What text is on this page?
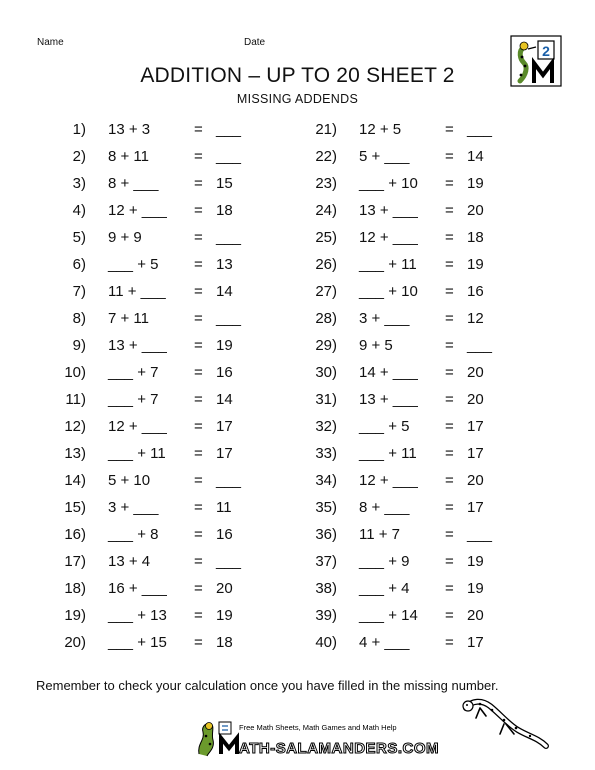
Name	Date
2
ADDITION – UP TO 20 SHEET 2
MISSING ADDENDS
1) 13 + 3	= ___
2) 8 + 11	= ___
3) 8 + ___ = 15
4) 12 + ___ = 18
5) 9 + 9	= ___
6) ___ + 5 = 13
7) 11 + ___ = 14
8) 7 + 11	= ___
9) 13 + ___ = 19
10) ___ + 7 = 16
11) ___ + 7 = 14
12) 12 + ___ = 17
13) ___ + 11 = 17
14) 5 + 10	= ___
15) 3 + ___ = 11
16) ___ + 8 = 16
17) 13 + 4	= ___
18) 16 + ___ = 20
19) ___ + 13 = 19
20) ___ + 15 = 18
21) 12 + 5	= ___
22) 5 + ___ = 14
23) ___ + 10 = 19
24) 13 + ___ = 20
25) 12 + ___ = 18
26) ___ + 11 = 19
27) ___ + 10 = 16
28) 3 + ___ = 12
29) 9 + 5	= ___
30) 14 + ___ = 20
31) 13 + ___ = 20
32) ___ + 5 = 17
33) ___ + 11 = 17
34) 12 + ___ = 20
35) 8 + ___ = 17
36) 11 + 7	= ___
37) ___ + 9 = 19
38) ___ + 4 = 19
39) ___ + 14 = 20
40) 4 + ___ = 17
Remember to check your calculation once you have filled in the missing number.
Free Math Sheets, Math Games and Math Help
ATH-SALAMANDERS.COM
